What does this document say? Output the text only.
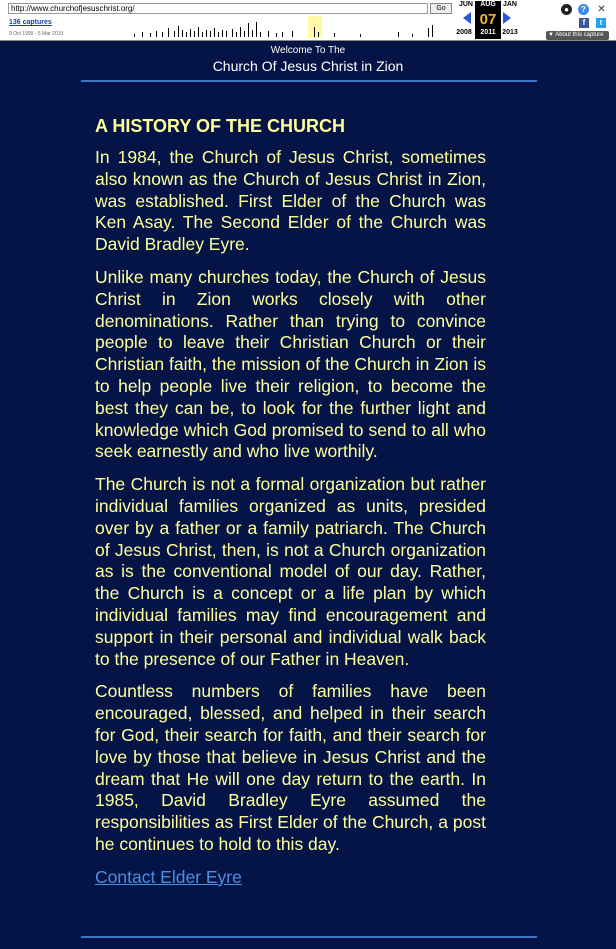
http://www.churchofjesuschrist.org/	Go
136 captures
9 Oct 1999 - 5 Mar 2019
JUN	AUG	JAN
07
2008	2011 2013
●	?	✕
f	t
▼ About this capture
Welcome To The
Church Of Jesus Christ in Zion
A HISTORY OF THE CHURCH

In 1984, the Church of Jesus Christ, sometimes also known as the Church of Jesus Christ in Zion, was established. First Elder of the Church was Ken Asay. The Second Elder of the Church was David Bradley Eyre.

Unlike many churches today, the Church of Jesus Christ in Zion works closely with other denominations. Rather than trying to convince people to leave their Christian Church or their Christian faith, the mission of the Church in Zion is to help people live their religion, to become the best they can be, to look for the further light and knowledge which God promised to send to all who seek earnestly and who live worthily.

The Church is not a formal organization but rather individual families organized as units, presided over by a father or a family patriarch. The Church of Jesus Christ, then, is not a Church organization as is the conventional model of our day. Rather, the Church is a concept or a life plan by which individual families may find encouragement and support in their personal and individual walk back to the presence of our Father in Heaven.

Countless numbers of families have been encouraged, blessed, and helped in their search for God, their search for faith, and their search for love by those that believe in Jesus Christ and the dream that He will one day return to the earth. In 1985, David Bradley Eyre assumed the responsibilities as First Elder of the Church, a post he continues to hold to this day.

Contact Elder Eyre
